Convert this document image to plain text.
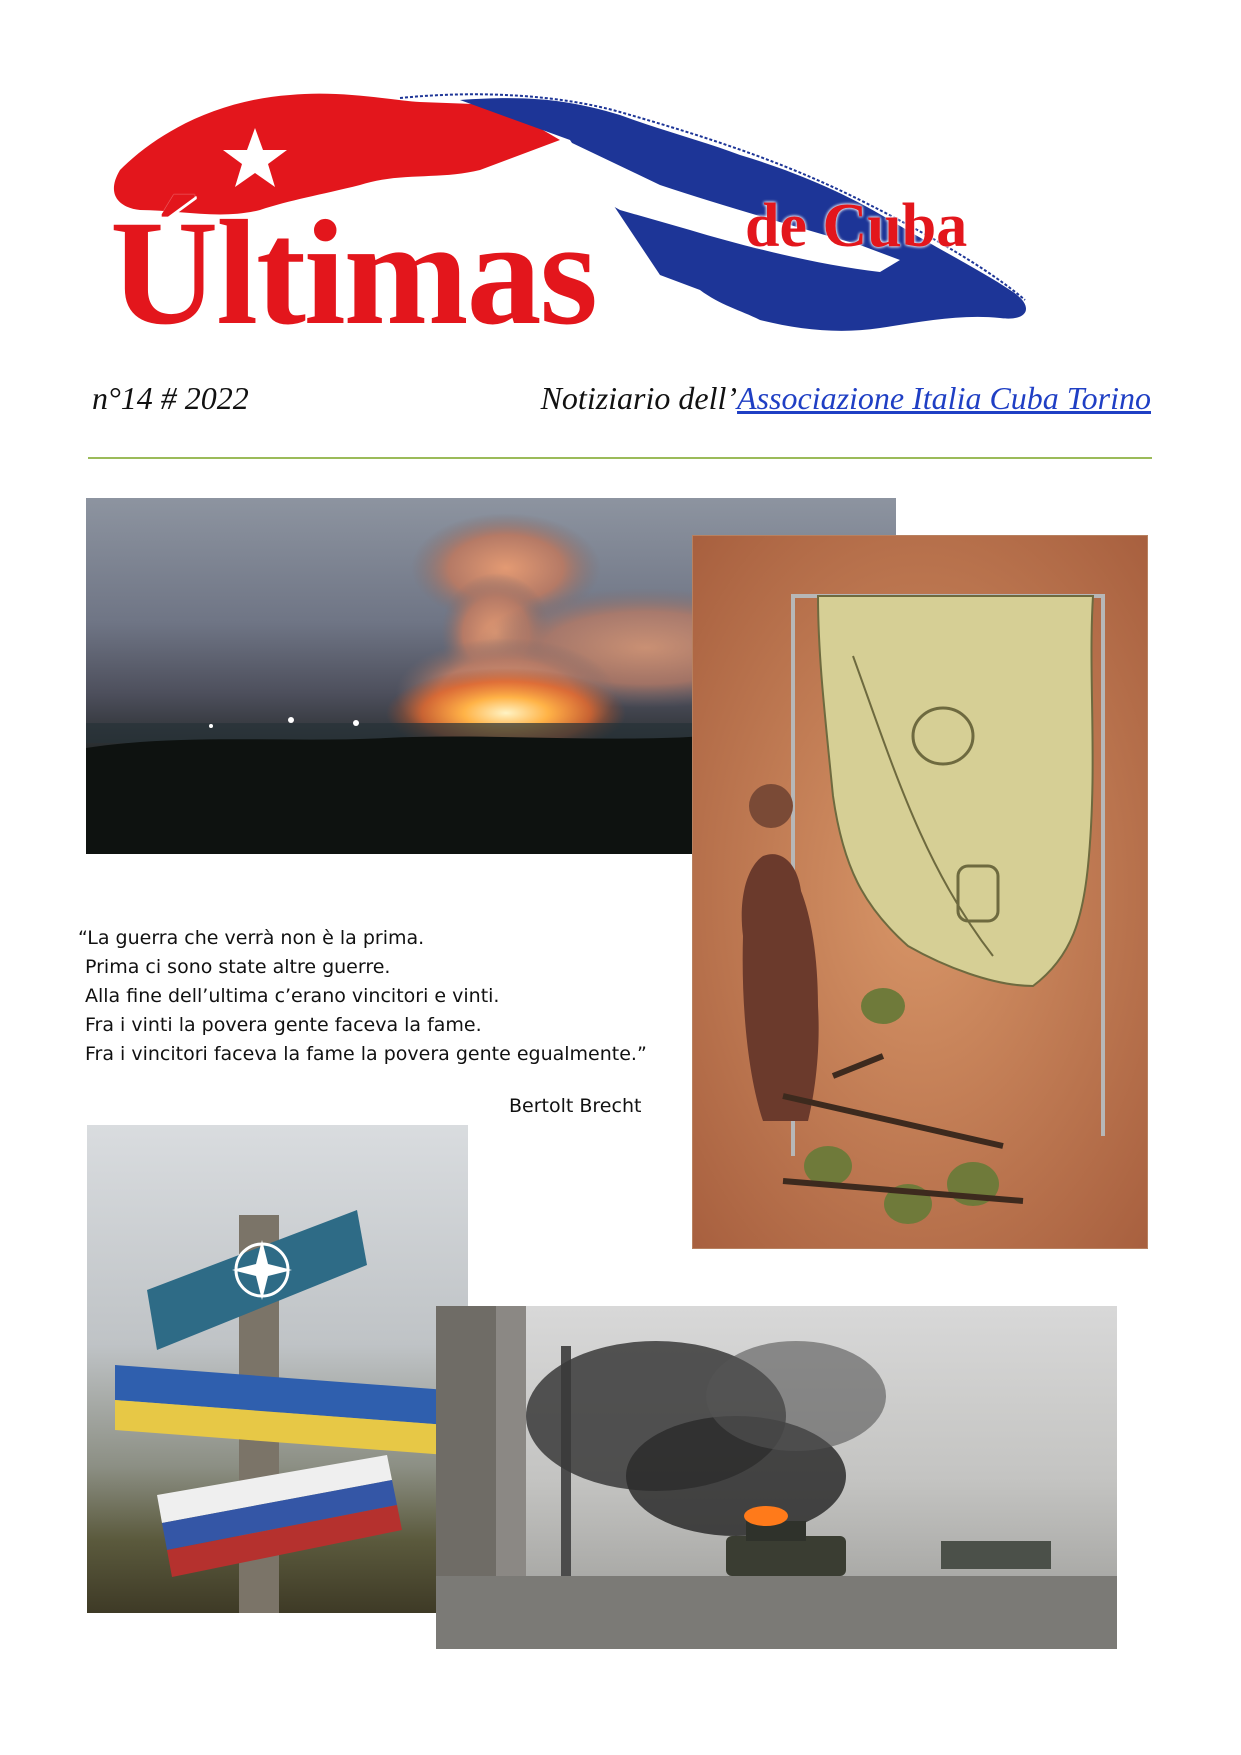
Últimas de Cuba
n°14 # 2022	Notiziario dell’Associazione Italia Cuba Torino

“La guerra che verrà non è la prima.

Prima ci sono state altre guerre.

Alla fine dell’ultima c’erano vincitori e vinti.

Fra i vinti la povera gente faceva la fame.

Fra i vincitori faceva la fame la povera gente egualmente.”

Bertolt Brecht
